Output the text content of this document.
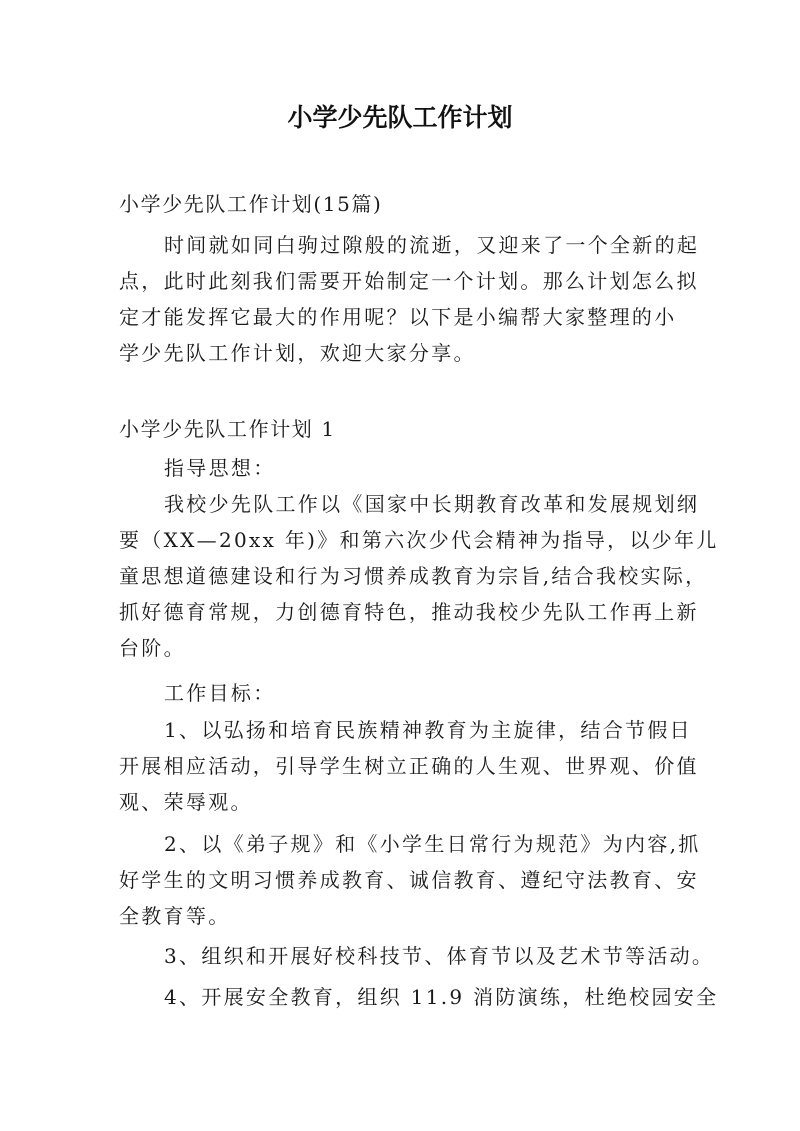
小学少先队工作计划
小学少先队工作计划(15篇)
时间就如同白驹过隙般的流逝，又迎来了一个全新的起
点，此时此刻我们需要开始制定一个计划。那么计划怎么拟
定才能发挥它最大的作用呢？以下是小编帮大家整理的小
学少先队工作计划，欢迎大家分享。
小学少先队工作计划 1
指导思想：
我校少先队工作以《国家中长期教育改革和发展规划纲
要（XX—20xx 年)》和第六次少代会精神为指导，以少年儿
童思想道德建设和行为习惯养成教育为宗旨,结合我校实际，
抓好德育常规，力创德育特色，推动我校少先队工作再上新
台阶。
工作目标：
1、以弘扬和培育民族精神教育为主旋律，结合节假日
开展相应活动，引导学生树立正确的人生观、世界观、价值
观、荣辱观。
2、以《弟子规》和《小学生日常行为规范》为内容,抓
好学生的文明习惯养成教育、诚信教育、遵纪守法教育、安
全教育等。
3、组织和开展好校科技节、体育节以及艺术节等活动。
4、开展安全教育，组织 11.9 消防演练，杜绝校园安全
